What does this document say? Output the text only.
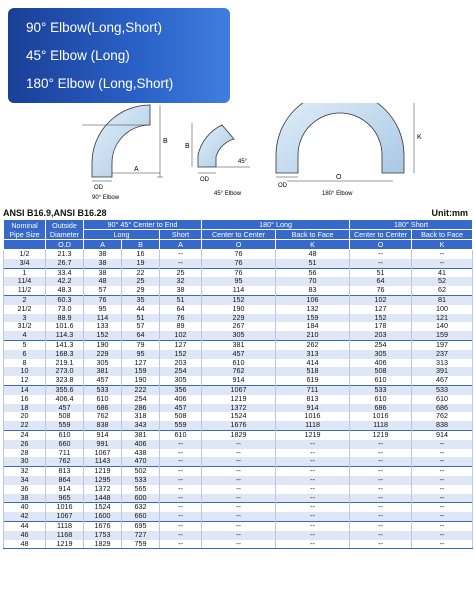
90° Elbow(Long,Short)
45° Elbow (Long)
180° Elbow (Long,Short)
A
B
OD
90° Elbow
B
45°
OD
45° Elbow
K
O
OD
180° Elbow
ANSI B16.9,ANSI B16.28	Unit:mm
Nominal Pipe Size	Outside Diameter	90° 45° Center to End			180° Long		180° Short	
		Long		Short	Center to Center	Back to Face	Center to Center	Back to Face
	O.D	A	B	A	O	K	O	K
1/2	21.3	38	16	--	76	48	--	--
3/4	26.7	38	19	--	76	51	--	--
1	33.4	38	22	25	76	56	51	41
11/4	42.2	48	25	32	95	70	64	52
11/2	48.3	57	29	38	114	83	76	62
2	60.3	76	35	51	152	106	102	81
21/2	73.0	95	44	64	190	132	127	100
3	88.9	114	51	76	229	159	152	121
31/2	101.6	133	57	89	267	184	178	140
4	114.3	152	64	102	305	210	203	159
5	141.3	190	79	127	381	262	254	197
6	168.3	229	95	152	457	313	305	237
8	219.1	305	127	203	610	414	406	313
10	273.0	381	159	254	762	518	508	391
12	323.8	457	190	305	914	619	610	467
14	355.6	533	222	356	1067	711	533	533
16	406.4	610	254	406	1219	813	610	610
18	457	686	286	457	1372	914	686	686
20	508	762	318	508	1524	1016	1016	762
22	559	838	343	559	1676	1118	1118	838
24	610	914	381	610	1829	1219	1219	914
26	660	991	406	--	--	--	--	--
28	711	1067	438	--	--	--	--	--
30	762	1143	470	--	--	--	--	--
32	813	1219	502	--	--	--	--	--
34	864	1295	533	--	--	--	--	--
36	914	1372	565	--	--	--	--	--
38	965	1448	600	--	--	--	--	--
40	1016	1524	632	--	--	--	--	--
42	1067	1600	660	--	--	--	--	--
44	1118	1676	695	--	--	--	--	--
46	1168	1753	727	--	--	--	--	--
48	1219	1829	759	--	--	--	--	--
